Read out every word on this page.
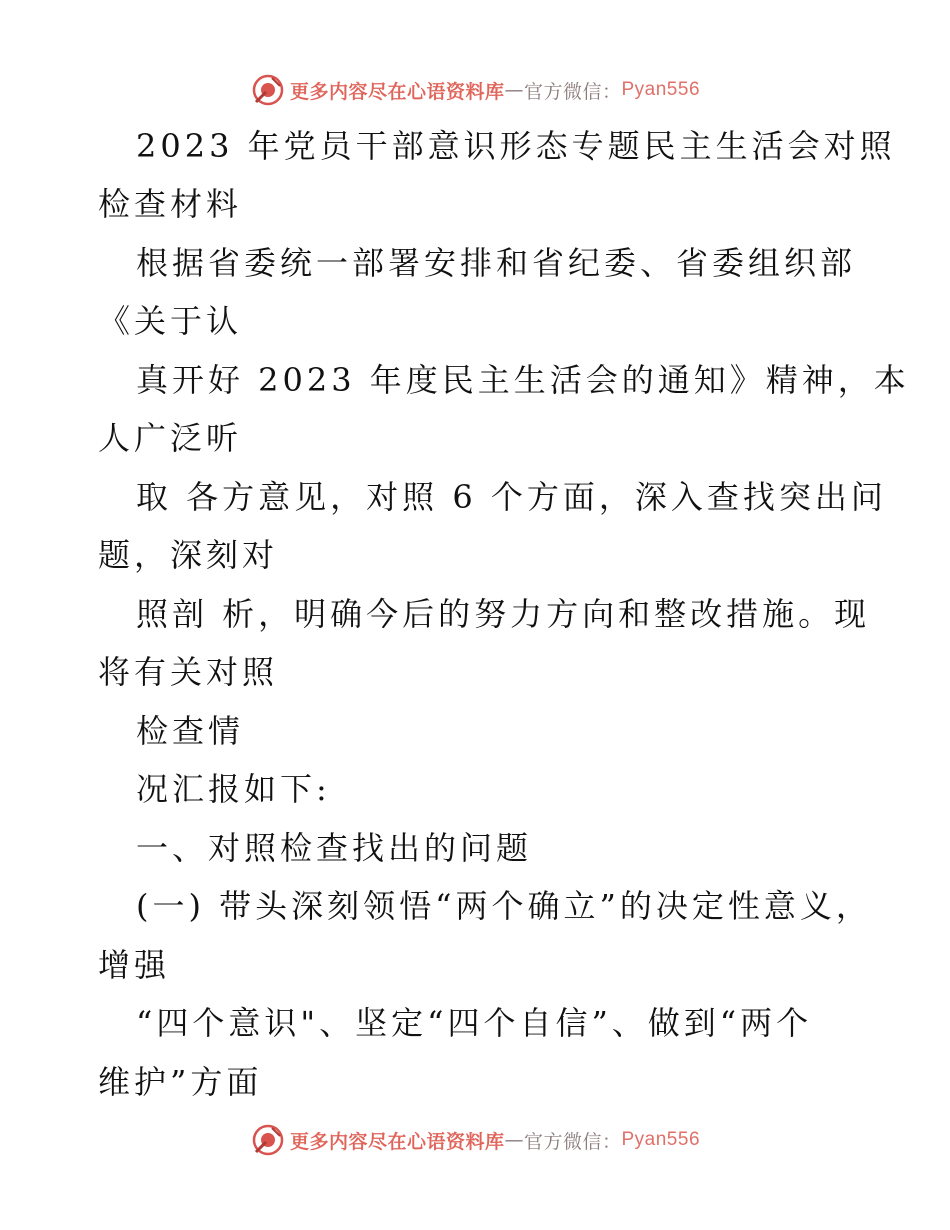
更多内容尽在心语资料库 — 官方微信： Pyan556
2023 年党员干部意识形态专题民主生活会对照
检查材料
根据省委统一部署安排和省纪委、省委组织部
《关于认
真开好 2023 年度民主生活会的通知》精神，本
人广泛听
取 各方意见，对照 6 个方面，深入查找突出问
题，深刻对
照剖 析，明确今后的努力方向和整改措施。现
将有关对照
检查情
况汇报如下:
一、对照检查找出的问题
(一) 带头深刻领悟“两个确立”的决定性意义，
增强
“四个意识"、坚定“四个自信”、做到“两个
维护”方面
更多内容尽在心语资料库 — 官方微信： Pyan556
